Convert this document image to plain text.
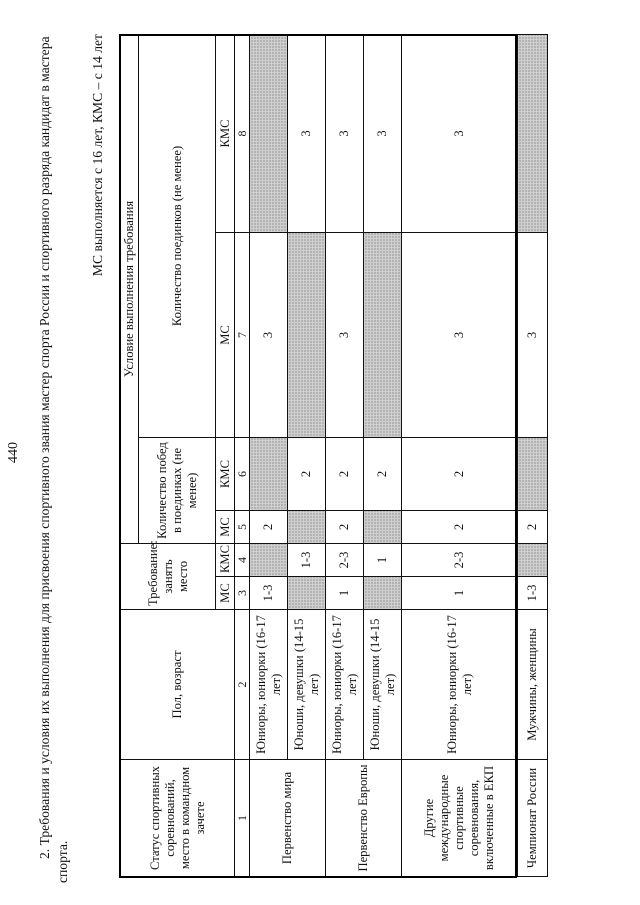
440 2. Требования и условия их выполнения для присвоения спортивного звания мастер спорта России и спортивного разряда кандидат в мастера спорта.
МС выполняется с 16 лет, КМС – с 14 лет
Статус спортивных соревнований, место в командном зачете	Пол, возраст	Требование: занять место		Условие выполнения требования			
				Количество побед в поединках (не менее)		Количество поединков (не менее)	

		МС	КМС	МС	КМС	МС	КМС
1	2	3	4	5	6	7	8
Первенство мира	Юниоры, юниорки (16-17 лет)	1-3		2		3	
	Юноши, девушки (14-15 лет)		1-3		2		3
Первенство Европы	Юниоры, юниорки (16-17 лет)	1	2-3	2	2	3	3
	Юноши, девушки (14-15 лет)		1		2		3
Другие международные спортивные соревнования, включенные в ЕКП	Юниоры, юниорки (16-17 лет)	1	2-3	2	2	3	3
Чемпионат России	Мужчины, женщины	1-3		2		3	
